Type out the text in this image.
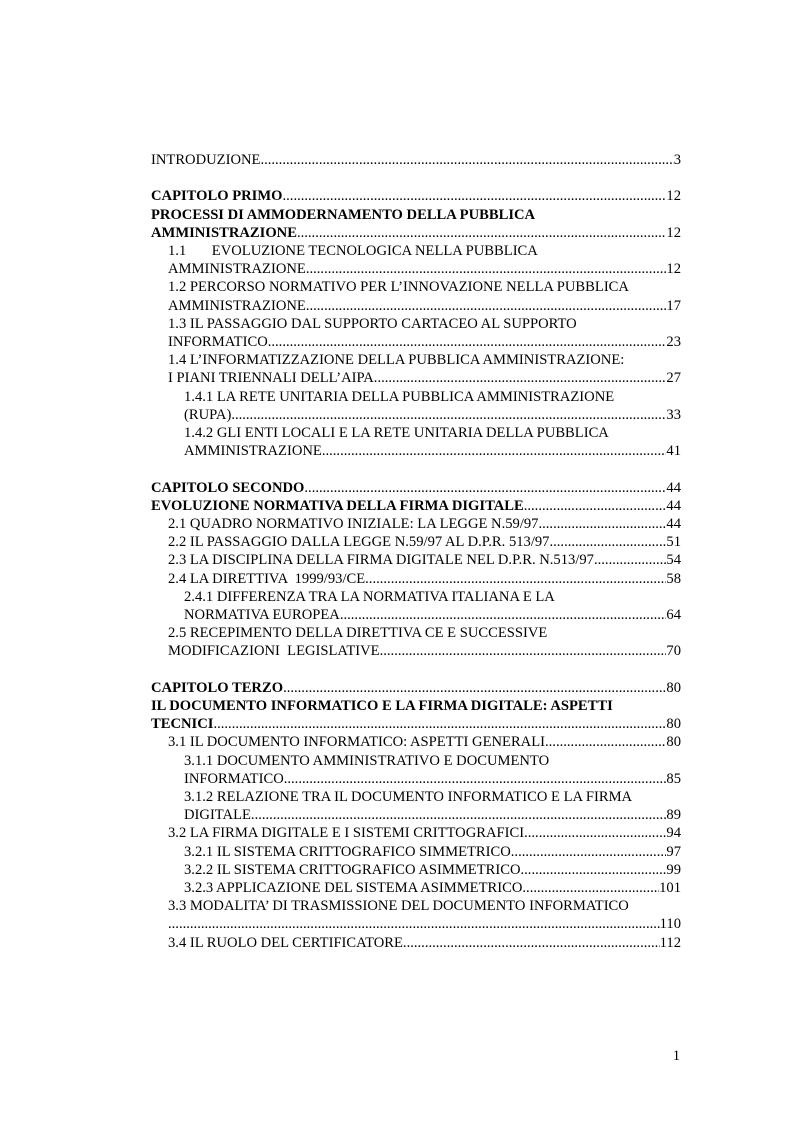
INTRODUZIONE .....	3
CAPITOLO PRIMO .....	12
PROCESSI DI AMMODERNAMENTO DELLA PUBBLICA
AMMINISTRAZIONE .....	12
1.1       EVOLUZIONE TECNOLOGICA NELLA PUBBLICA
AMMINISTRAZIONE. .....	12
1.2 PERCORSO NORMATIVO PER L’INNOVAZIONE NELLA PUBBLICA
AMMINISTRAZIONE. .....	17
1.3 IL PASSAGGIO DAL SUPPORTO CARTACEO AL SUPPORTO
INFORMATICO .....	23
1.4 L’INFORMATIZZAZIONE DELLA PUBBLICA AMMINISTRAZIONE:
I PIANI TRIENNALI DELL’AIPA .....	27
1.4.1 LA RETE UNITARIA DELLA PUBBLICA AMMINISTRAZIONE
(RUPA) .....	33
1.4.2 GLI ENTI LOCALI E LA RETE UNITARIA DELLA PUBBLICA
AMMINISTRAZIONE .....	41
CAPITOLO SECONDO .....	44
EVOLUZIONE NORMATIVA DELLA FIRMA DIGITALE .....	44
2.1 QUADRO NORMATIVO INIZIALE: LA LEGGE N.59/97 .....	44
2.2 IL PASSAGGIO DALLA LEGGE N.59/97 AL D.P.R. 513/97 .....	51
2.3 LA DISCIPLINA DELLA FIRMA DIGITALE NEL D.P.R. N.513/97 .....	54
2.4 LA DIRETTIVA  1999/93/CE .....	58
2.4.1 DIFFERENZA TRA LA NORMATIVA ITALIANA E LA
NORMATIVA EUROPEA .....	64
2.5 RECEPIMENTO DELLA DIRETTIVA CE E SUCCESSIVE
MODIFICAZIONI  LEGISLATIVE .....	70
CAPITOLO TERZO .....	80
IL DOCUMENTO INFORMATICO E LA FIRMA DIGITALE: ASPETTI
TECNICI .....	80
3.1 IL DOCUMENTO INFORMATICO: ASPETTI GENERALI .....	80
3.1.1 DOCUMENTO AMMINISTRATIVO E DOCUMENTO
INFORMATICO .....	85
3.1.2 RELAZIONE TRA IL DOCUMENTO INFORMATICO E LA FIRMA
DIGITALE .....	89
3.2 LA FIRMA DIGITALE E I SISTEMI CRITTOGRAFICI .....	94
3.2.1 IL SISTEMA CRITTOGRAFICO SIMMETRICO .....	97
3.2.2 IL SISTEMA CRITTOGRAFICO ASIMMETRICO .....	99
3.2.3 APPLICAZIONE DEL SISTEMA ASIMMETRICO .....	101
3.3 MODALITA’ DI TRASMISSIONE DEL DOCUMENTO INFORMATICO
.....
110
3.4 IL RUOLO DEL CERTIFICATORE .....	112
1
